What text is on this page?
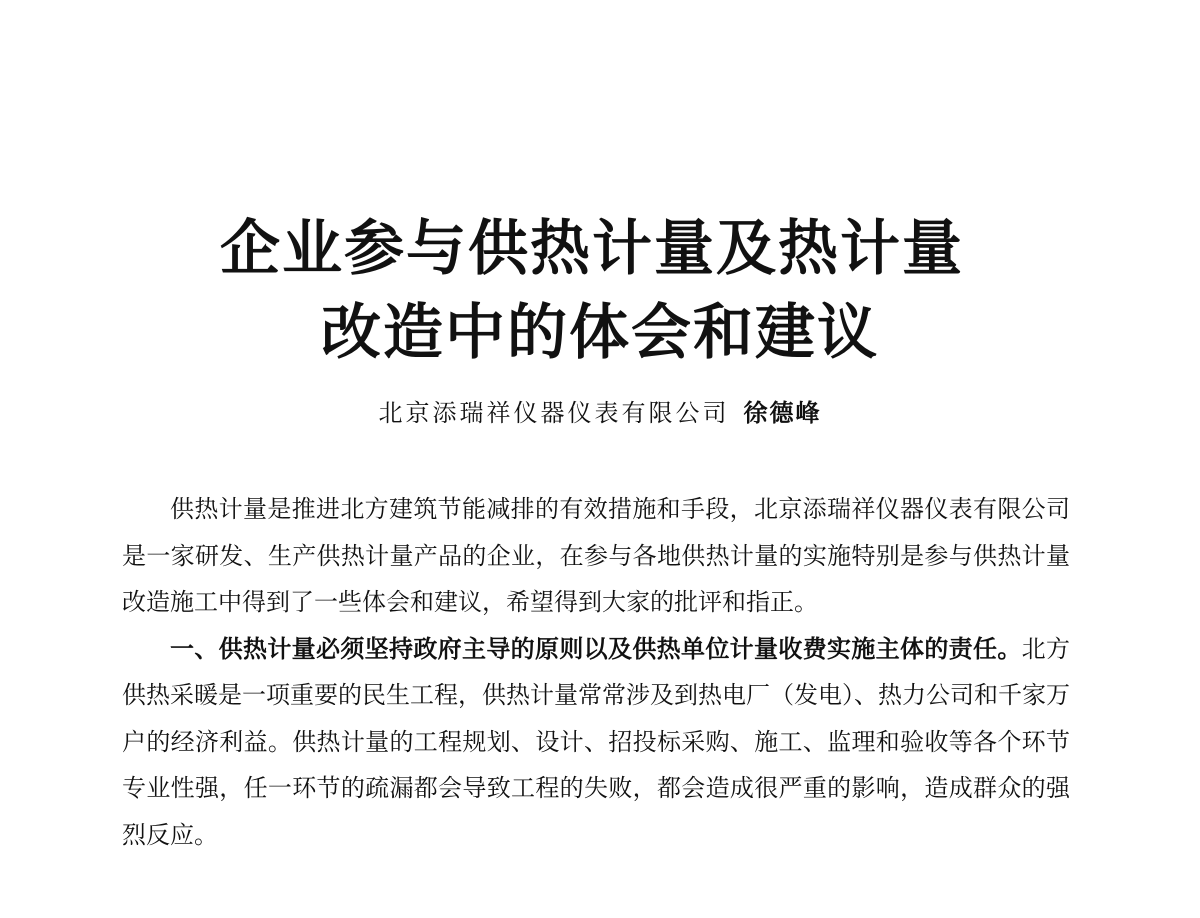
企业参与供热计量及热计量
改造中的体会和建议
北京添瑞祥仪器仪表有限公司 徐德峰

供热计量是推进北方建筑节能减排的有效措施和手段，北京添瑞祥仪器仪表有限公司是一家研发、生产供热计量产品的企业，在参与各地供热计量的实施特别是参与供热计量改造施工中得到了一些体会和建议，希望得到大家的批评和指正。

一、供热计量必须坚持政府主导的原则以及供热单位计量收费实施主体的责任。北方供热采暖是一项重要的民生工程，供热计量常常涉及到热电厂（发电）、热力公司和千家万户的经济利益。供热计量的工程规划、设计、招投标采购、施工、监理和验收等各个环节专业性强，任一环节的疏漏都会导致工程的失败，都会造成很严重的影响，造成群众的强烈反应。
